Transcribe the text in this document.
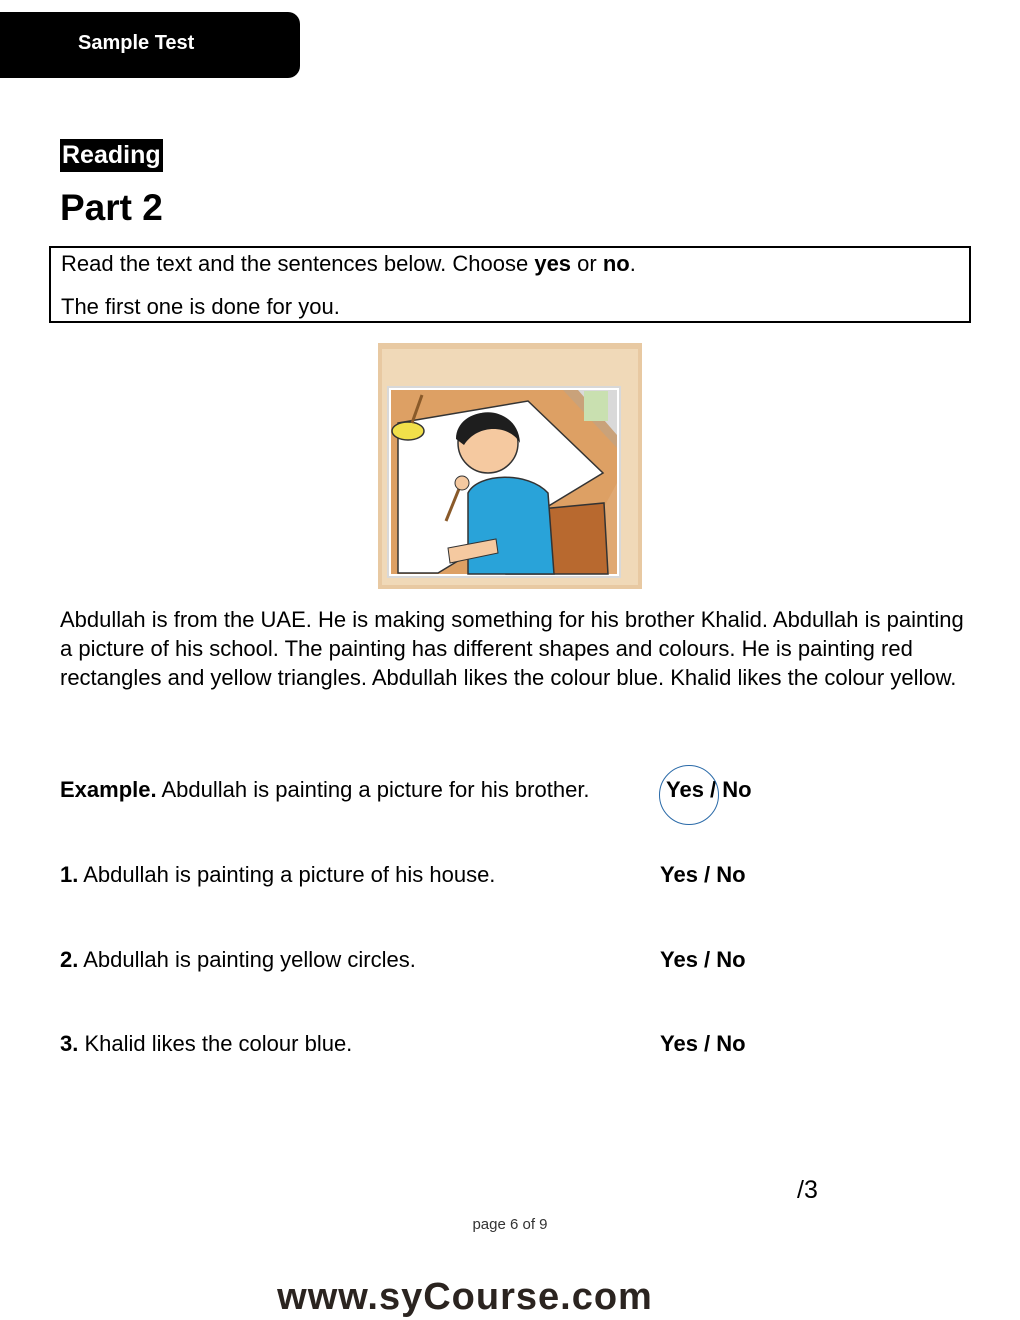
Sample Test
Reading
Part 2

Read the text and the sentences below. Choose yes or no.

The first one is done for you.

Abdullah is from the UAE. He is making something for his brother Khalid. Abdullah is painting a picture of his school. The painting has different shapes and colours. He is painting red rectangles and yellow triangles. Abdullah likes the colour blue. Khalid likes the colour yellow.
Example. Abdullah is painting a picture for his brother.	Yes / No
1. Abdullah is painting a picture of his house.	Yes / No
2. Abdullah is painting yellow circles.	Yes / No
3. Khalid likes the colour blue.	Yes / No
/3
page 6 of 9
www.syCourse.com
